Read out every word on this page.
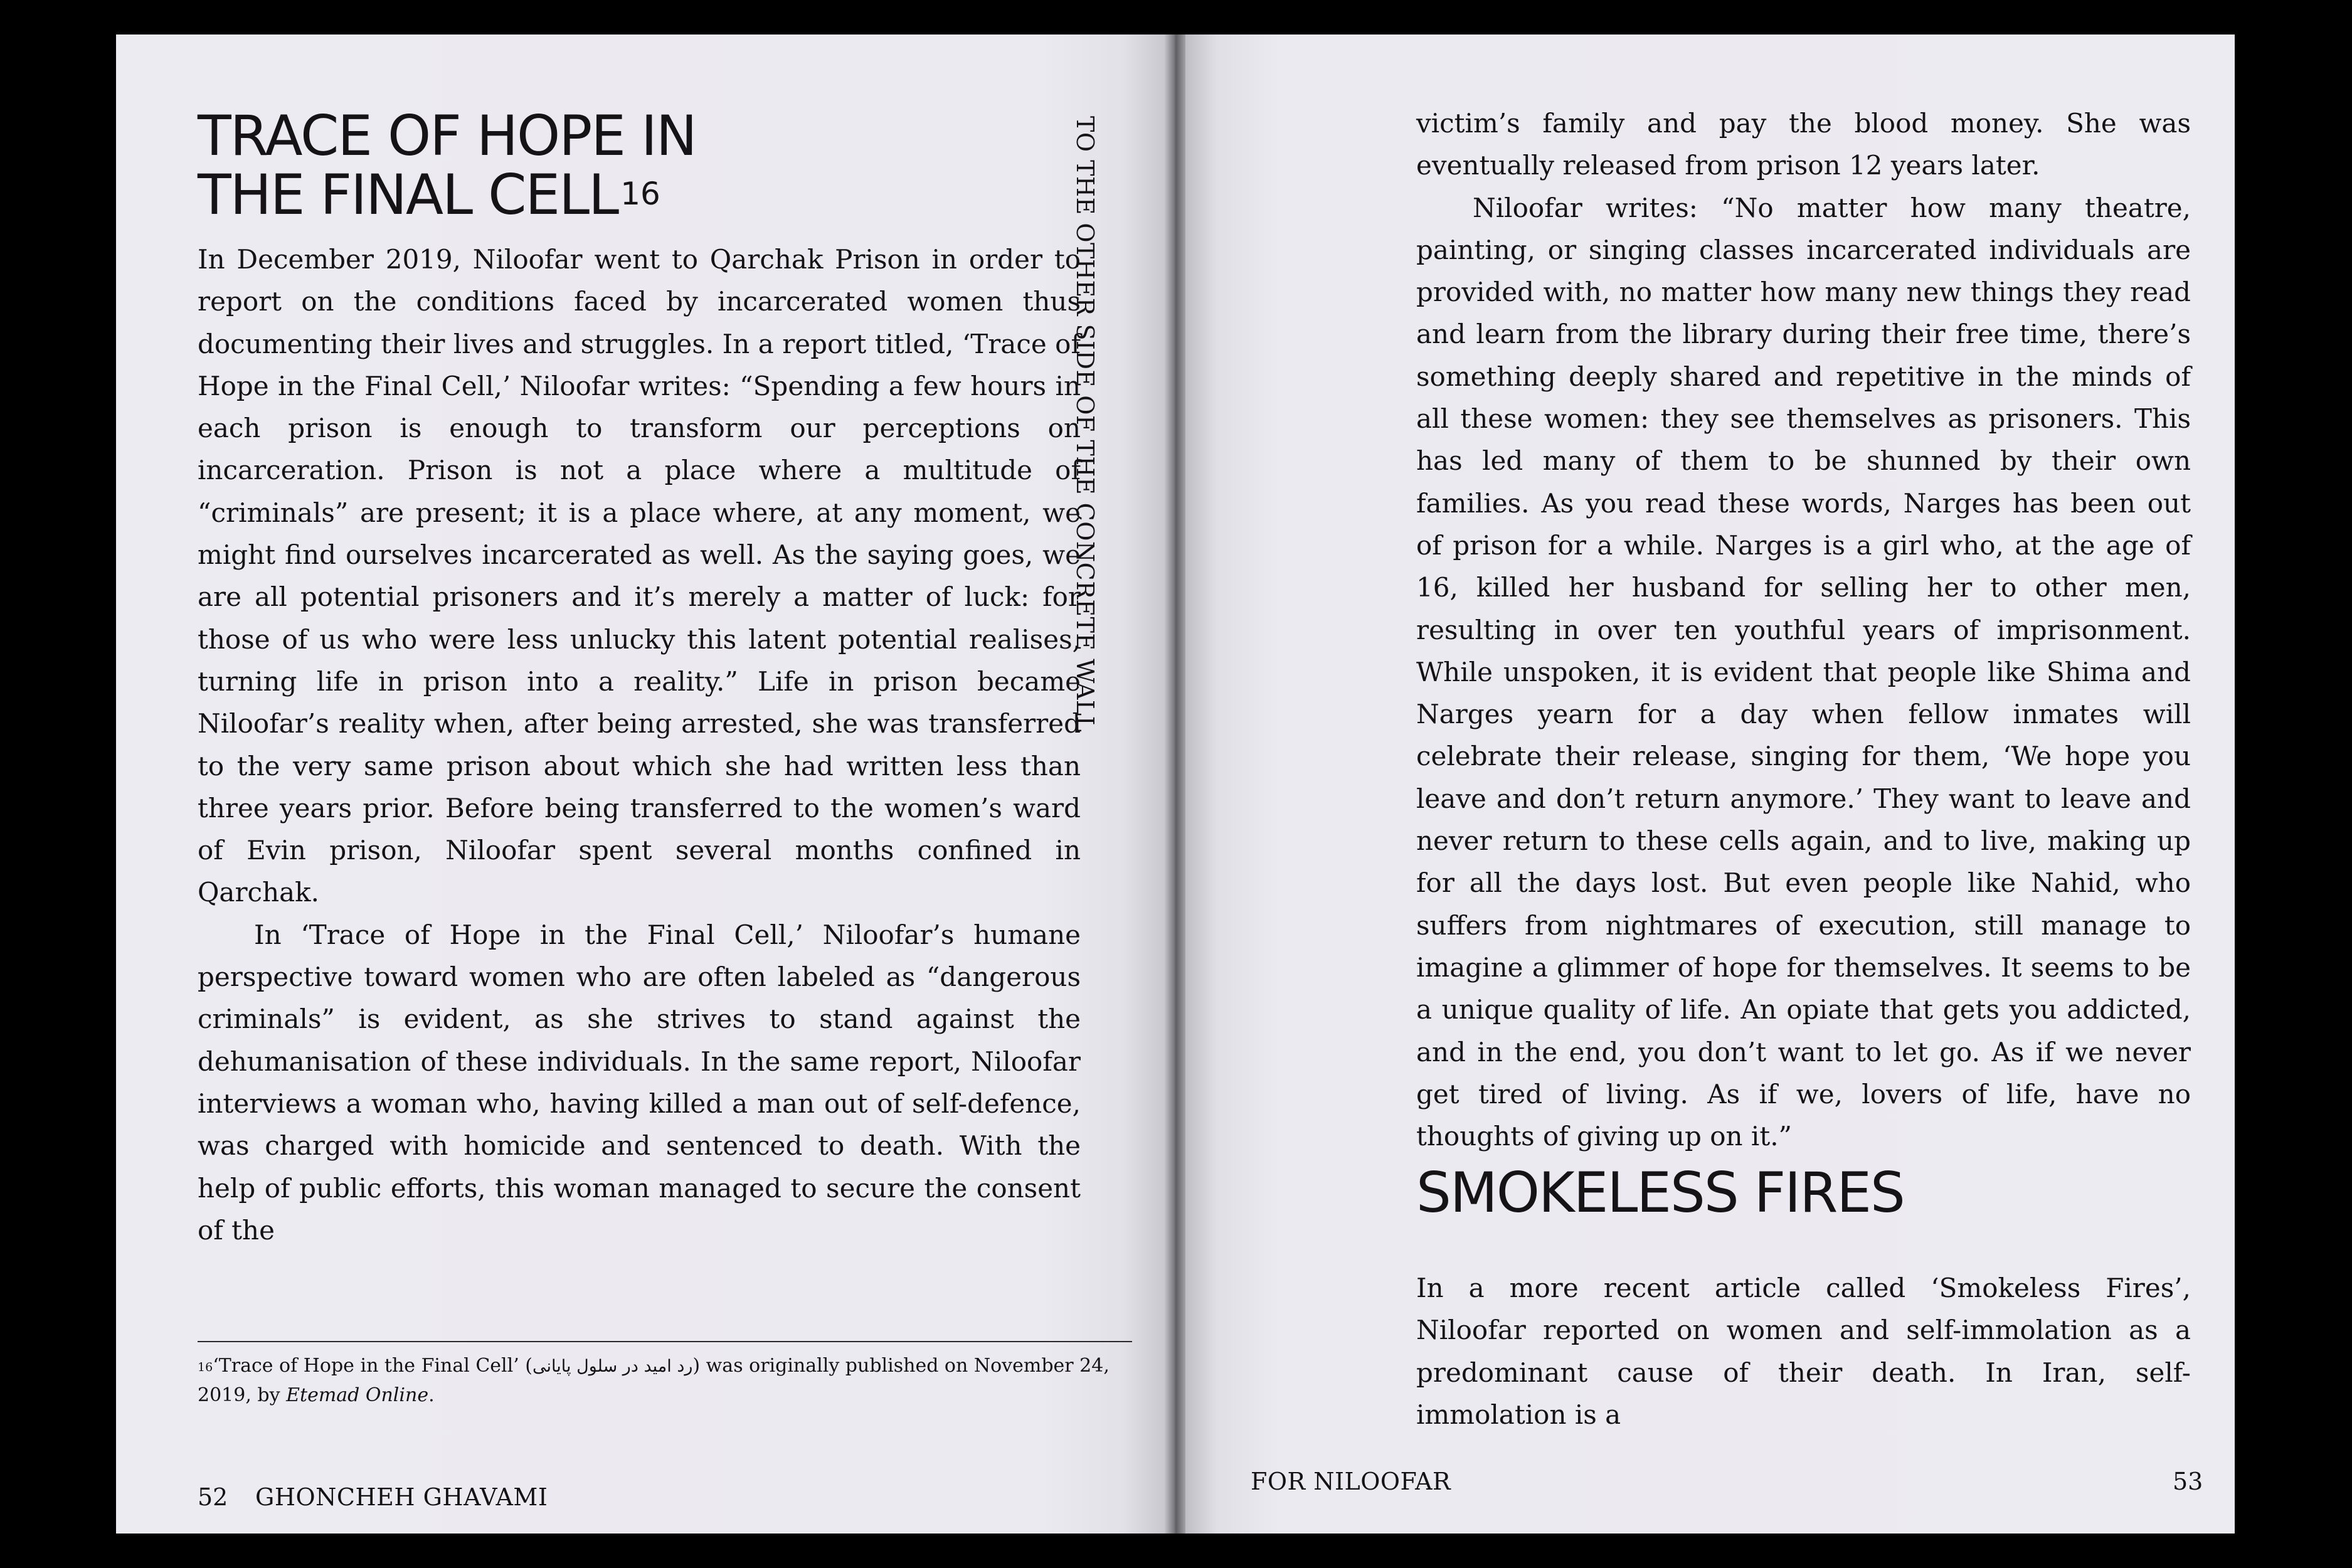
TRACE OF HOPE IN
THE FINAL CELL$^{16}$

In December 2019, Niloofar went to Qarchak Prison in order to report on the conditions faced by incarcerated women thus documenting their lives and struggles. In a report titled, ‘Trace of Hope in the Final Cell,’ Niloofar writes: “Spending a few hours in each prison is enough to transform our perceptions on incarceration. Prison is not a place where a multitude of “criminals” are present; it is a place where, at any moment, we might find ourselves incarcerated as well. As the saying goes, we are all potential prisoners and it’s merely a matter of luck: for those of us who were less unlucky this latent potential realises, turning life in prison into a reality.” Life in prison became Niloofar’s reality when, after being arrested, she was transferred to the very same prison about which she had written less than three years prior. Before being transferred to the women’s ward of Evin prison, Niloofar spent several months confined in Qarchak.

In ‘Trace of Hope in the Final Cell,’ Niloofar’s humane perspective toward women who are often labeled as “dangerous criminals” is evident, as she strives to stand against the dehumanisation of these individuals. In the same report, Niloofar interviews a woman who, having killed a man out of self-defence, was charged with homicide and sentenced to death. With the help of public efforts, this woman managed to secure the consent of the

TO THE OTHER SIDE OF THE CONCRETE WALL
$^{16}$‘Trace of Hope in the Final Cell’ (رد امید در سلول پایانی) was originally published on November 24, 2019, by Etemad Online.
52 GHONCHEH GHAVAMI

victim’s family and pay the blood money. She was eventually released from prison 12 years later.

Niloofar writes: “No matter how many theatre, painting, or singing classes incarcerated individuals are provided with, no matter how many new things they read and learn from the library during their free time, there’s something deeply shared and repetitive in the minds of all these women: they see themselves as prisoners. This has led many of them to be shunned by their own families. As you read these words, Narges has been out of prison for a while. Narges is a girl who, at the age of 16, killed her husband for selling her to other men, resulting in over ten youthful years of imprisonment. While unspoken, it is evident that people like Shima and Narges yearn for a day when fellow inmates will celebrate their release, singing for them, ‘We hope you leave and don’t return anymore.’ They want to leave and never return to these cells again, and to live, making up for all the days lost. But even people like Nahid, who suffers from nightmares of execution, still manage to imagine a glimmer of hope for themselves. It seems to be a unique quality of life. An opiate that gets you addicted, and in the end, you don’t want to let go. As if we never get tired of living. As if we, lovers of life, have no thoughts of giving up on it.”

SMOKELESS FIRES

In a more recent article called ‘Smokeless Fires’, Niloofar reported on women and self-immolation as a predominant cause of their death. In Iran, self-immolation is a

FOR NILOOFAR	53
